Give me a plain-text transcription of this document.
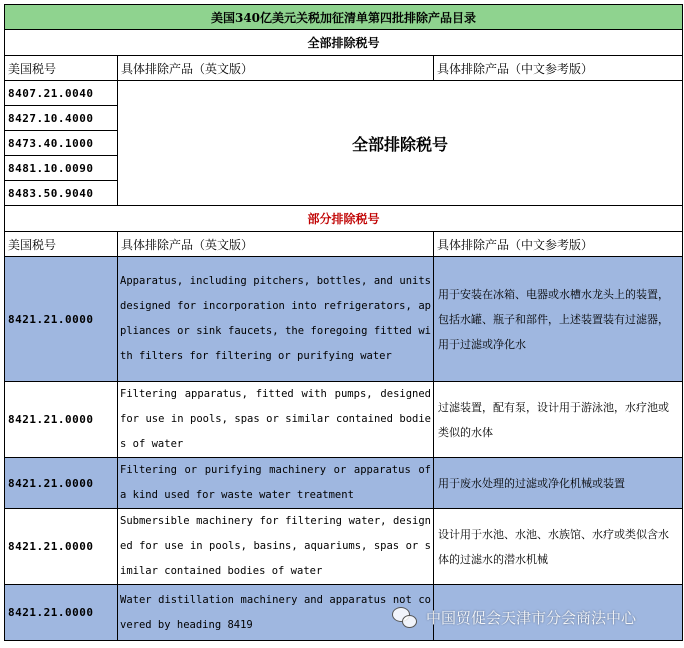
美国340亿美元关税加征清单第四批排除产品目录		
全部排除税号		
美国税号	具体排除产品（英文版）	具体排除产品（中文参考版）
8407.21.0040	全部排除税号	
8427.10.4000		
8473.40.1000		
8481.10.0090		
8483.50.9040		
部分排除税号		
美国税号	具体排除产品（英文版）	具体排除产品（中文参考版）
8421.21.0000	Apparatus, including pitchers, bottles, and units designed for incorporation into refrigerators, appliances or sink faucets, the foregoing fitted with filters for filtering or purifying water	用于安装在冰箱、电器或水槽水龙头上的装置，包括水罐、瓶子和部件，上述装置装有过滤器，用于过滤或净化水
8421.21.0000	Filtering apparatus, fitted with pumps, designed for use in pools, spas or similar contained bodies of water	过滤装置，配有泵，设计用于游泳池，水疗池或类似的水体
8421.21.0000	Filtering or purifying machinery or apparatus of a kind used for waste water treatment	用于废水处理的过滤或净化机械或装置
8421.21.0000	Submersible machinery for filtering water, designed for use in pools, basins, aquariums, spas or similar contained bodies of water	设计用于水池、水池、水族馆、水疗或类似含水体的过滤水的潜水机械
8421.21.0000	Water distillation machinery and apparatus not covered by heading 8419		中国贸促会天津市分会商法中心
